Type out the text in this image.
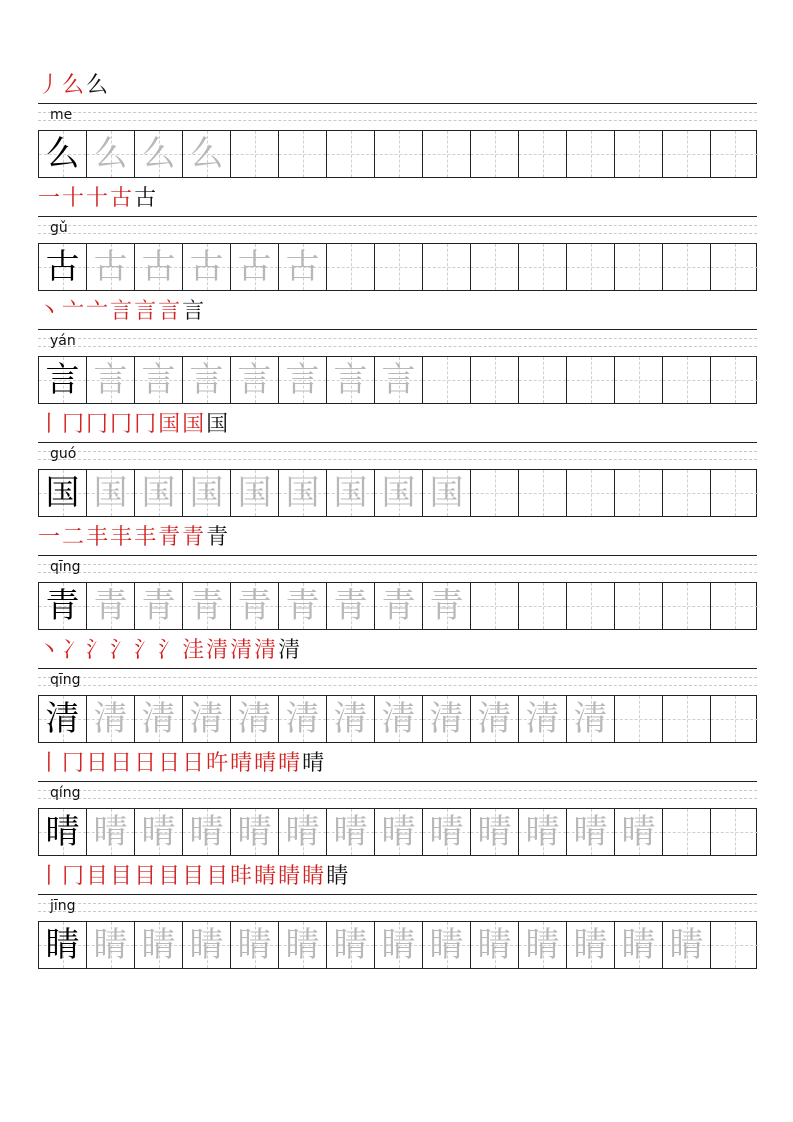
丿 么 么
me
么 么 么 么
一 十 十 古 古
gǔ
古 古 古 古 古 古
丶 亠 亠 言 言 言 言
yán
言 言 言 言 言 言 言 言
丨 冂 冂 冂 冂 国 国 国
guó
国 国 国 国 国 国 国 国 国
一 二 丰 丰 丰 青 青 青
qīng
青 青 青 青 青 青 青 青 青
丶 冫 氵 氵 氵 氵 洼 清 清 清 清
qīng
清 清 清 清 清 清 清 清 清 清 清 清
丨 冂 日 日 日 日 日 旿 晴 晴 晴 晴
qíng
晴 晴 晴 晴 晴 晴 晴 晴 晴 晴 晴 晴 晴
丨 冂 目 目 目 目 目 目 盽 睛 睛 睛 睛
jīng
睛 睛 睛 睛 睛 睛 睛 睛 睛 睛 睛 睛 睛 睛
